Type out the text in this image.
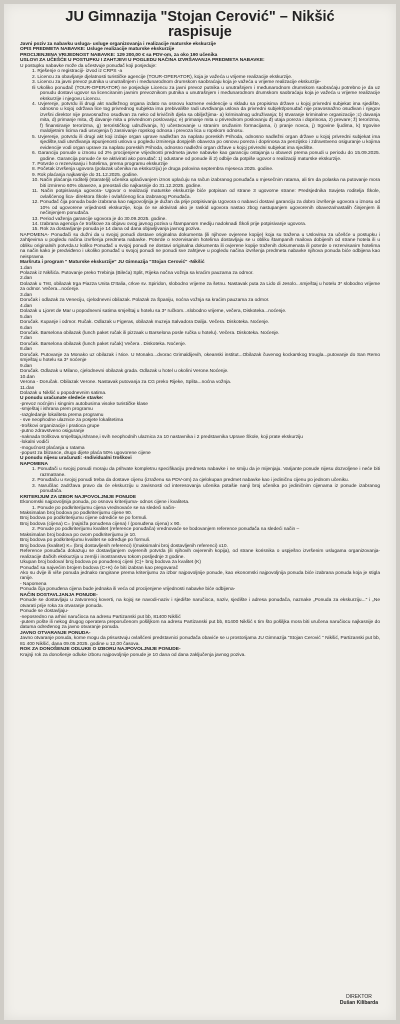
JU Gimnazija "Stojan Cerović" – Nikšić
raspisuje

Javni poziv za nabavku usluga- usluge organizovanja i realizacije maturske ekskurzije

OPIS PREDMETA NABAVKE: Usluge realizacije maturske ekskurzije

PROCIJENJENA VRIJEDNOST NABAVKE: 129 200,00 € sa PDV-om, za oko 190 učenika

USLOVI ZA UČEŠĆE U POSTUPKU I ZAHTJEVI U POGLEDU NAČINA IZVRŠAVANJA PREDMETA NABAVKE:

U postupku nabavke može da učestvuje ponuđač koji posjeduje:

1. Rješenje o registraciji- izvod iz CRPS -a

2. Licencu za obavljanje djelatnosti turističke agencije (TOUR-OPERATOR), koja je važeća u vrijeme realizacije ekskurzije.

3. Licencu za javni prevoz putnika u unutrašnjem i međunarodnom drumskom saobraćaju koja je važeća u vrijeme realizacije ekskurzije-

Ili Ukoliko ponuđač (TOUR-OPERATOR) ne posjeduje Licencu za javni prevoz putnika u unutrašnjem i međunarodnom drumskom saobraćaju potrebno je da uz ponudu dostavi ugovor sa licenciranim javnim prevoznikom putnika u unutrašnjem i međunarodnom drumskom saobraćaju koja je važeća u vrijeme realizacije ekskurzije i njegovu Licencu.

4. Uvjerenje, potvrdu ili drugi akt nadležnog organa izdato na osnovu kaznene evidencije u skladu sa propisima države u kojoj privredni subjekat ima sjedište, odnosno u kojoj održava lice tog privrednog subjekta ima prebivalište radi utvrđivanja uslova da privredni subjekt/ponuđač nije pravosnažno osuđivan i njegov izvršni direktor nije pravosnažno osuđivan za neko od krivičnih djela sa obilježjima- a) kriminalnog udruživanja; b) stvaranje kriminalne organizacije ;c) davanja mita, d) primanje mita, đ) davanje mita u privrednom poslovanju; e) primanje mita u privrednom poslovanju đ) utaja poreza i doprinosa, z) prevare; ž) terorizma, f) finansiranje terorizma, g) terorističkog udruživanja, h) učestvovanje u stranim oružanim formacijama, i) pranje novca, j) trgovine ljudima, k) trgovine maloljetnim licima radi usvojenja l) zasnivanje ropskog odnosa i prevoza lica u ropskom odnosu.

5. Uvjerenje, potvrdu ili drugi akt koji izdaje organ uprave nadležan za naplatu poreskih Prihoda, odnosno nadležni organ države u kojoj privredni subjekat ima sjedište,radi utvrđivanja ispunjenosti uslova u pogledu izmirenja dospjelih obaveza po osnovu poreza i doprinosa za penzijsko i zdravstveno osiguranje u kojima evidencije vodi organ uprave za naplatu poreskih Prihoda, odnosno nadležni organ države u kojoj privredni subjekat ima sjedište.

6. Garanciju ponude u iznosu od 2% procijenjene vrijednosti predmeta javne nabavke kao garanciju ostajanja u obavezi prema ponudi u periodu do 15.09.2025. godine. Garancija ponude će se aktivirati ako ponuđač: 1) odustane od ponude ili 2) odbije da potpiše ugovor o realizaciji maturske ekskurzije.

7. Potvrde o rezervisanju i hotelima, prema programu ekskurzije

8. Početak izvršenja ugovora (polazak učenika na ekskurziju) je druga polovina septembra mjeseca 2025. godine.

9. Rok plaćanja najkasnije do 31.12.2025. godine.

10. Način plaćanja roditelji (staratelji) učenika uplaćivanjem iznos uplaćuju na račun izabranog ponuđača u mjesečnim ratama, ali tim da polaska na putovanje mora biti izmireno 60% obaveze, a preostali dio najkasnije do 31.12.2025. godine.

11. Način potpisivanja ugovora- Ugovor o realizaciji maturske ekskurzije biće potpisan od strane 3 ugovorne strane: Predsjednika Savjeta roditelja Škole, ovlašćenog lica- direktora Škole i ovlašćenog lica izabranog Ponuđača.

12. Ponuđač čija ponuda bude izabrana kao najpovoljnija je dužan da prije potpisivanja Ugovora o nabavci dostavi garanciju za dobro izvršenje ugovora u iznosu od 10% od ugovorene vrijednosti ekskurzije, koja će se aktivirati ako je raskid ugovora nastao zbog nastupanjem ugovorenih obaveza/nastalih činjenjem ili nečinjenjem ponuđača.

13. Period važenja garancije ugovora je do 30.09.2025. godine.

14. Izabrana agencija će troškove za objavu ovog javnog poziva u štampanom mediju nadoknadi Školi prije potpisivanje ugovora.

15. Rok za dostavljanje ponuda je 14 dana od dana objavljivanja javnog poziva.

NAPOMENA- Ponuđači su dužni da u svojoj ponudi dostave originalna dokumenta (ili njihove ovjerene kopije) koja su tražena u Uslovima za učešće u postupku i zahtjevima u pogledu načina izvršenja predmeta nabavke. Potvrde o rezervisanim hotelima dostavljaju se u obliku štampanih mailova dobijenih od strane hotela ili u obliku originalnih potvrda.U koliko Ponuđač u svojoj ponudi ne dostavi originalna dokumenta ili ovjerene kopije traženih dokumenata ili potvrde o rezervisanim hotelima na način kako je predviđeno i ukoliko ponuđač u svojoj ponudi ne ponudi sve zahtjeve u pogledu načina izvršenja predmeta nabavke njihova ponuda biće odbijena kao neispravna

Maršruta i program " Maturske ekskurzije" JU Gimnazija "Stojan Cerović" -Nikšić

1.dan

Polazak iz Nikšića. Putovanje preko Trebinja (Bileća) Split, Rijeka nočna vožnja sa kraćim pauzama za odmor.

2.dan

Dolazak u Trst, obilazak trga Piazza Unita D'Italia, crkve sv. Spiridon, slobodno vrijeme za šetnu. Nastavak puta za Lido di Jesolo...smještaj u hotelu 3* slobodno vrijeme za odmor. Večera...noćenje.

3.dan

Doručak i odlazak za Veneciju, cjelodnevni obilazak. Polazak za Španiju, noćna vožnja sa kraćim pauzama za odmor.

4.dan

Dolazak u Ljoret de Mar u popodnevni satima smještaj u hotelu sa 3* ručkom...slobodno vrijeme, večera, Diskoteka...noćenje.

5.dan

Doručak. Kupanje i odmor. Ručak. Odlazak u Figeras, obilazak muzeja Salvadora Dalija. Večera. Diskoteka. Noćenje.

6.dan

Doručak. Barselona obilazak (lunch paket ručak ili pizzaak u Barselona posle ručka u hotelu). Večera. Diskoteka. Noćenje.

7.dan

Doručak. Barselona obilazak (lunch paket ručak) Večera . Diskoteka. Noćenje.

8.dan

Doručak. Putovanje za Monako uz obilazak i Nice. U Monako...dvorac Grimaldijevih, okeanski institut...Obilazak čuvenog kockarskog trougla...putovanje do San Remo smještaj u hotelu sa 3* noćenje

9.dan

Doručak. Odlazak u Milano, cjelodnevni obilazak grada. Odlazak u hotel u okolini Verone.Noćenje.

10.dan

Verona - Doručak. Obilazak Verone. Nastavak putovanja za CG preko Rijeke, Splita...noćna vožnja.

11.dan

Dolazak u Nikšić u popodnevnim satima.

U ponudu uračunate sledeće stavke:

-prevoz noćnjim i singnim autobusima visoke turističke klase

-smještaj i ishrana prem programu

-razgledanje lokaliteta prema programu

- sve neophodne ulaznice za posjete lokalitetima

-troškovi organizacije i pratioca grupe

-putno zdravstveno osiguranje

-naknada troškova smještaja,ishrane,i svih neophodnih ulaznica za 10 nastavnika i 2 predstavnika Uprave Škole, koji prate ekskurziju

-lokalni vodiči

-mogućnost plaćanja u ratama

-popust za blizance, drugo dijete plaća 50% ugovorene cijene

U ponudu nijesu uračunati: -Individualni troškovi

NAPOMENA

1. Ponuđači u svojoj ponudi moraju da prihvate kompletnu specifikaciju predmeta nabavke i ne smiju da je mijenjaju. Varijante ponude nijesu dozvoljene i neće biti razmatrane.

2. Ponuđaču u svojoj ponudi treba da dostave cijenu (izraženu sa PDV-om) za cjelokupan predmet nabavke kao i jediničnu cijenu po jednom učeniku.

3. Naručilac zadržava pravo da će ekskurziju u zavisnosti od interesovanja učenika potašie nanji broj učenika po jediničnim cijenama iz ponude izabranog ponuđača.

KRITERIJUM ZA IZBOR NAJPOVOLJNIJE PONUDE

Ekonomski najpovoljnija ponuda, po osnovu kriterijuma- odnos cijene i kvaliteta.

1. Ponude po podkriterijumu cijena vrednovaće se na sledeći način-

Maksimalan broj bodova po podkriterijumu cijene 90.

Broj bodova po podkriterijumu cijene odrediće se po formuli.

Broj bodova (cijena) C= (najniža ponuđena cijena) / (ponuđena cijena) x 90.

2. Ponude po podkriterijumu kvalitet (reference ponuđača) vrednovaće se bodovanjem reference ponuđača na sledeći način –

Maksimalan broj bodova po ovom podkriterijumu je 10.

Broj bodova po podkriterijumu kvalitet se određuje po formuli.

Broj bodova (kvalitet) K= (broj dostavljenih referenci) /(maksimalni broj dostavljenih referenci) x10.

Reference ponuđača dokazuju se dostavljanjem ovjerenih potvrda (ili njihovih ovjerenih kopija), od strane korisnika o uspješno izvršenim uslugama organizovanja-realizacije đačkih ekskurzija u zemlji i inostranstvu tokom posljednje 3 godine.

Ukupan broj bodova/ broj bodova po ponuđenoj cijeni (C)+ broj bodova za kvalitet (K)

Ponuđač sa najvećim brojem bodova (C+K) će biti izabran kao pregovarač

Ako su dvije ili više ponuda jednako rangirane prema kriterijumu za izbor najpovoljnije ponude, kao ekonomski najpovoljnija ponuda biće izabrana ponuda koja je stigla ranije.

- Napomena

Ponuda čija ponuđena cijena bude jednaka ili veća od procijenjene vrijednosti nabavke biće odbijena-

NAČIN DOSTAVLJANJA PONUDE-

Ponude se dostavljaju u zatvorenoj koverti, na kojoj se navodi-naziv i sjedište naručioca, naziv, sjedište i adresa ponuđača, naznake „Ponuda za ekskurziju..." i „Ne otvarati prije roka za otvaranje ponuda.

Ponude se dostavljaju-

-neposredno na arhivi naručioca na adresu Partizanski put bb, 81400 Nikšić

-putem pošte ili nekog drugog operatera preporučenom pošiljkom na adresu Partizanski put bb, 81400 Nikšić s tim što pošiljka mora biti uručena naručiocu najkasnije do datuma određenog za javno otvaranje ponuda.

JAVNO OTVARANJE PONUDA-

Javno otvaranje ponuda, kome mogu da prisustvuju ovlašćeni predstavnici ponuđača obaviće se u prostorijama JU Gimnazija "Stojan Cerović " Nikšić, Partizanski put bb, 81 400 Nikšić, dana 09.05.2025. godine u 12,00 časova.

ROK ZA DONOŠENJE ODLUKE O IZBORU NAJPOVOLJNIJE PONUDE-

Krajnji rok za donošenje odluke izboru najpovoljnije ponude je 10 dana od dana zaključenja javnog poziva.

DIREKTOR
Dušan Kilibarda
